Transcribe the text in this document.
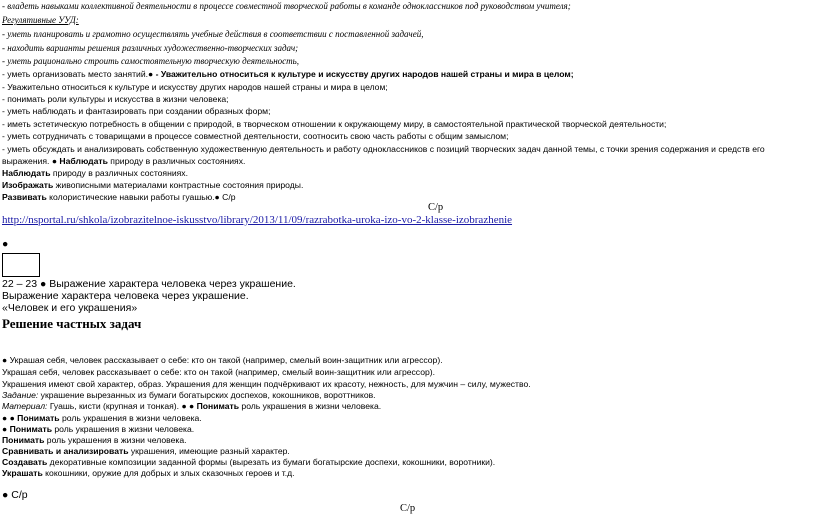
- владеть навыками коллективной деятельности в процессе совместной творческой работы в команде одноклассников под руководством учителя;
Регулятивные УУД:
- уметь планировать и грамотно осуществлять учебные действия в соответствии с поставленной задачей,
- находить варианты решения различных художественно-творческих задач;
- уметь рационально строить самостоятельную творческую деятельность,
- уметь организовать место занятий.● - Уважительно относиться к культуре и искусству других народов нашей страны и мира в целом;
- Уважительно относиться к культуре и искусству других народов нашей страны и мира в целом;
- понимать роли культуры и искусства в жизни человека;
- уметь наблюдать и фантазировать при создании образных форм;
- иметь эстетическую потребность в общении с природой, в творческом отношении к окружающему миру, в самостоятельной практической творческой деятельности;
- уметь сотрудничать с товарищами в процессе совместной деятельности, соотносить свою часть работы с общим замыслом;
- уметь обсуждать и анализировать собственную художественную деятельность и работу одноклассников с позиций творческих задач данной темы, с точки зрения содержания и средств его
выражения. ● Наблюдать природу в различных состояниях.
Наблюдать природу в различных состояниях.
Изображать живописными материалами контрастные состояния природы.
Развивать колористические навыки работы гуашью.● С/р
С/р
http://nsportal.ru/shkola/izobrazitelnoe-iskusstvo/library/2013/11/09/razrabotka-uroka-izo-vo-2-klasse-izobrazhenie
●
22 – 23 ● Выражение характера человека через украшение.
Выражение характера человека через украшение.
«Человек и его украшения»
Решение частных задач
● Украшая себя, человек рассказывает о себе: кто он такой (например, смелый воин-защитник или агрессор).
Украшая себя, человек рассказывает о себе: кто он такой (например, смелый воин-защитник или агрессор).
Украшения имеют свой характер, образ. Украшения для женщин подчёркивают их красоту, нежность, для мужчин – силу, мужество.
Задание: украшение вырезанных из бумаги богатырских доспехов, кокошников, вороттников.
Материал: Гуашь, кисти (крупная и тонкая). ● ● Понимать роль украшения в жизни человека.
● ● Понимать роль украшения в жизни человека.
● Понимать роль украшения в жизни человека.
Понимать роль украшения в жизни человека.
Сравнивать и анализировать украшения, имеющие разный характер.
Создавать декоративные композиции заданной формы (вырезать из бумаги богатырские доспехи, кокошники, воротники).
Украшать кокошники, оружие для добрых и злых сказочных героев и т.д.
● С/р
С/р
